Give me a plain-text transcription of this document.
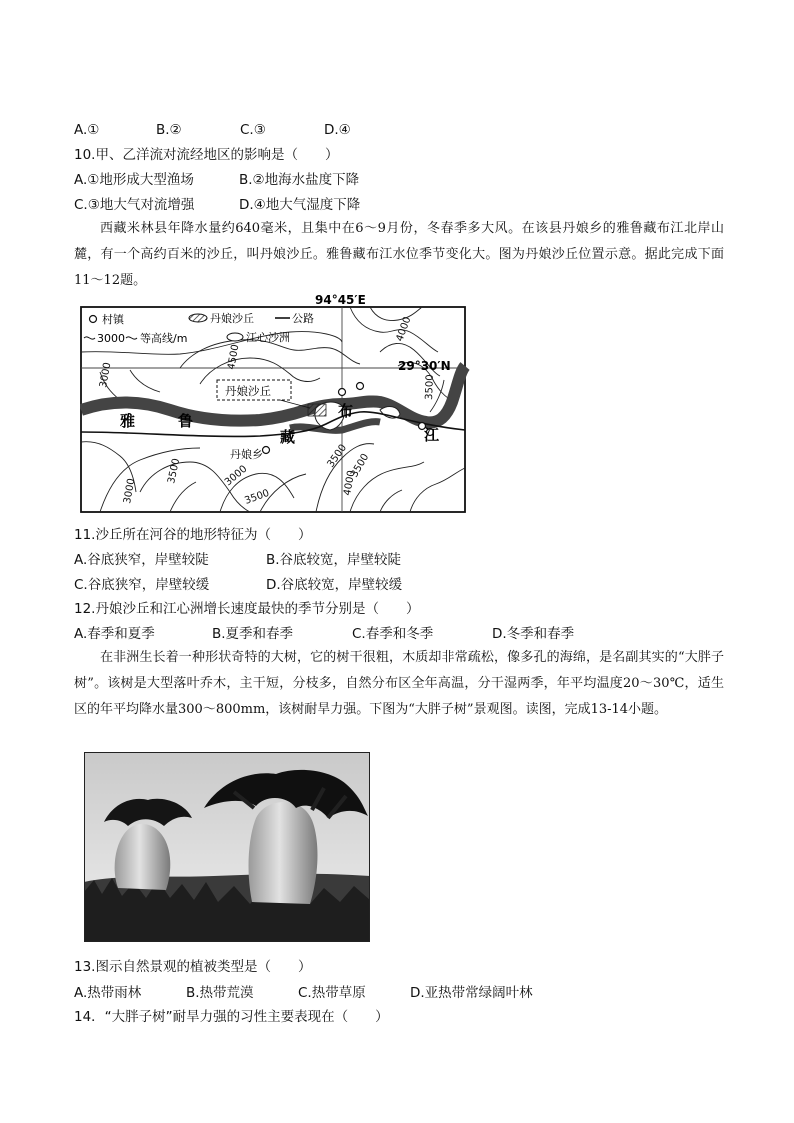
A.①	B.②	C.③	D.④
10.甲、乙洋流对流经地区的影响是（　　）
A.①地形成大型渔场	B.②地海水盐度下降
C.③地大气对流增强	D.④地大气湿度下降

西藏米林县年降水量约640毫米，且集中在6～9月份，冬春季多大风。在该县丹娘乡的雅鲁藏布江北岸山麓，有一个高约百米的沙丘，叫丹娘沙丘。雅鲁藏布江水位季节变化大。图为丹娘沙丘位置示意。据此完成下面11～12题。

村镇	丹娘沙丘	公路
3000 等高线/m	江心沙洲
94°45′E
29°30′N
丹娘沙丘
雅	鲁
藏
布
江
丹娘乡
3000
4500
4000
3500
3500
3000	3500
3000
3500 3500
4000
11.沙丘所在河谷的地形特征为（　　）
A.谷底狭窄，岸壁较陡	B.谷底较宽，岸壁较陡
C.谷底狭窄，岸壁较缓	D.谷底较宽，岸壁较缓
12.丹娘沙丘和江心洲增长速度最快的季节分别是（　　）
A.春季和夏季	B.夏季和春季	C.春季和冬季	D.冬季和春季

在非洲生长着一种形状奇特的大树，它的树干很粗，木质却非常疏松，像多孔的海绵，是名副其实的“大胖子树”。该树是大型落叶乔木，主干短，分枝多，自然分布区全年高温，分干湿两季，年平均温度20～30℃，适生区的年平均降水量300～800mm，该树耐旱力强。下图为“大胖子树”景观图。读图，完成13-14小题。

13.图示自然景观的植被类型是（　　）
A.热带雨林	B.热带荒漠	C.热带草原	D.亚热带常绿阔叶林
14．“大胖子树”耐旱力强的习性主要表现在（　　）
